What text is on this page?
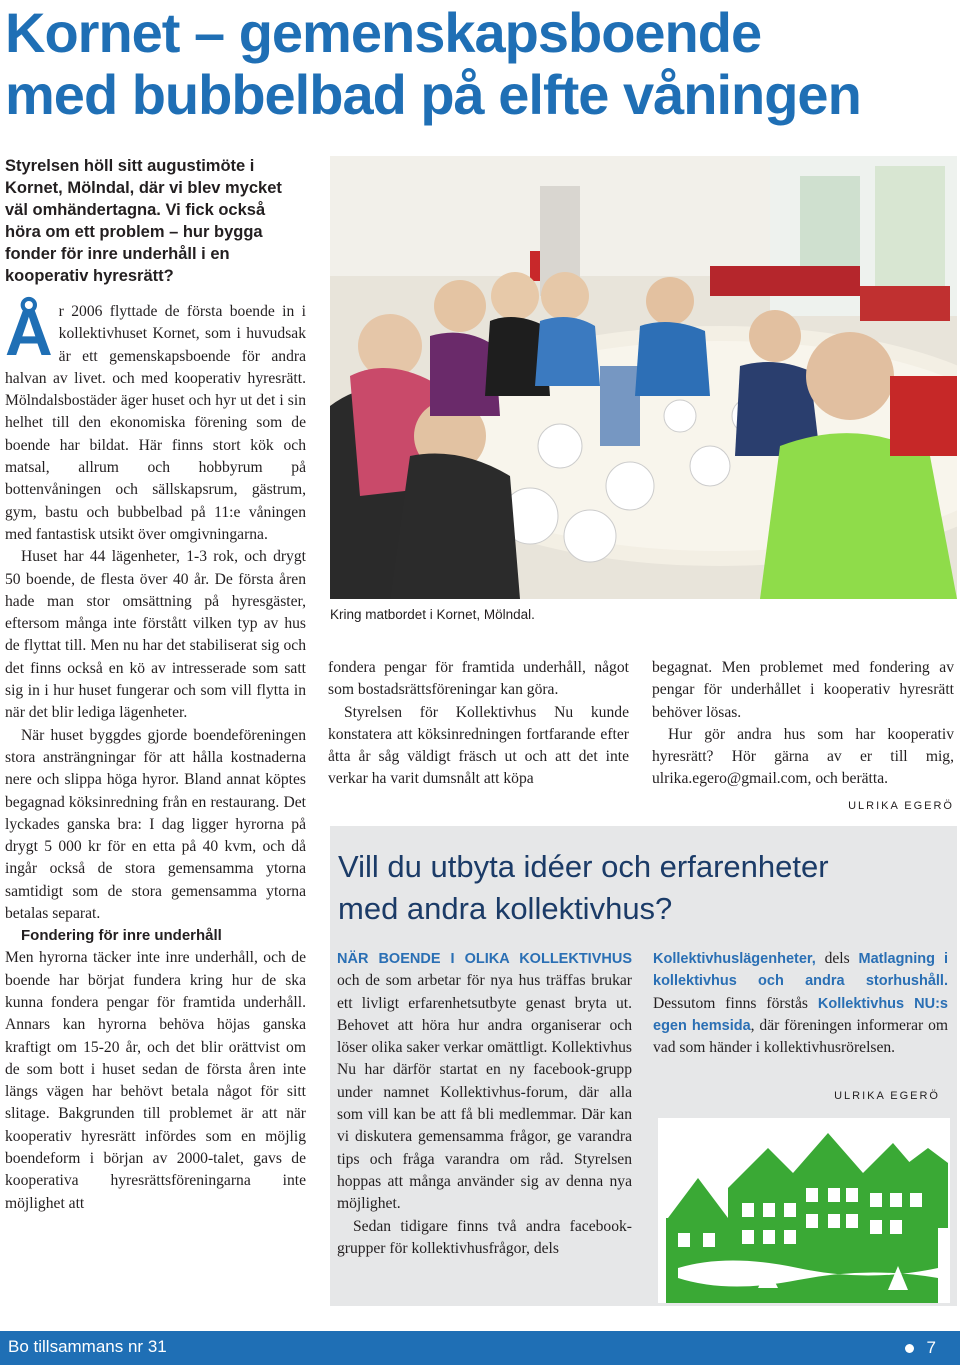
Kornet – gemenskapsboende
med bubbelbad på elfte våningen
Styrelsen höll sitt augustimöte i Kornet, Mölndal, där vi blev mycket väl omhändertagna. Vi fick också höra om ett problem – hur bygga fonder för inre underhåll i en kooperativ hyresrätt?

År 2006 flyttade de första boende in i kollektivhuset Kornet, som i huvudsak är ett gemenskapsboende för andra halvan av livet. och med kooperativ hyresrätt. Mölndalsbostäder äger huset och hyr ut det i sin helhet till den ekonomiska förening som de boende har bildat. Här finns stort kök och matsal, allrum och hobbyrum på bottenvåningen och sällskapsrum, gästrum, gym, bastu och bubbelbad på 11:e våningen med fantastisk utsikt över omgivningarna.

Huset har 44 lägenheter, 1-3 rok, och drygt 50 boende, de flesta över 40 år. De första åren hade man stor omsättning på hyresgäster, eftersom många inte förstått vilken typ av hus de flyttat till. Men nu har det stabiliserat sig och det finns också en kö av intresserade som satt sig in i hur huset fungerar och som vill flytta in när det blir lediga lägenheter.

När huset byggdes gjorde boendeföreningen stora ansträngningar för att hålla kostnaderna nere och slippa höga hyror. Bland annat köptes begagnad köksinredning från en restaurang. Det lyckades ganska bra: I dag ligger hyrorna på drygt 5 000 kr för en etta på 40 kvm, och då ingår också de stora gemensamma ytorna samtidigt som de stora gemensamma ytorna betalas separat.

Fondering för inre underhåll

Men hyrorna täcker inte inre underhåll, och de boende har börjat fundera kring hur de ska kunna fondera pengar för framtida underhåll. Annars kan hyrorna behöva höjas ganska kraftigt om 15-20 år, och det blir orättvist om de som bott i huset sedan de första åren inte längs vägen har behövt betala något för sitt slitage. Bakgrunden till problemet är att när kooperativ hyresrätt infördes som en möjlig boendeform i början av 2000-talet, gavs de kooperativa hyresrättsföreningarna inte möjlighet att

Kring matbordet i Kornet, Mölndal.

fondera pengar för framtida underhåll, något som bostadsrättsföreningar kan göra.

Styrelsen för Kollektivhus Nu kunde konstatera att köksinredningen fortfarande efter åtta år såg väldigt fräsch ut och att det inte verkar ha varit dumsnålt att köpa

begagnat. Men problemet med fondering av pengar för underhållet i kooperativ hyresrätt behöver lösas.

Hur gör andra hus som har kooperativ hyresrätt? Hör gärna av er till mig, ulrika.egero@gmail.com, och berätta.

ULRIKA EGERÖ
Vill du utbyta idéer och erfarenheter
med andra kollektivhus?

NÄR BOENDE I OLIKA KOLLEKTIVHUS och de som arbetar för nya hus träffas brukar ett livligt erfarenhetsutbyte genast bryta ut. Behovet att höra hur andra organiserar och löser olika saker verkar omättligt. Kollektivhus Nu har därför startat en ny facebook-grupp under namnet Kollektivhus-forum, där alla som vill kan be att få bli medlemmar. Där kan vi diskutera gemensamma frågor, ge varandra tips och fråga varandra om råd. Styrelsen hoppas att många använder sig av denna nya möjlighet.

Sedan tidigare finns två andra facebook-grupper för kollektivhusfrågor, dels

Kollektivhuslägenheter, dels Matlagning i kollektivhus och andra storhushåll. Dessutom finns förstås Kollektivhus NU:s egen hemsida, där föreningen informerar om vad som händer i kollektivhusrörelsen.

ULRIKA EGERÖ
Bo tillsammans nr 31	7
